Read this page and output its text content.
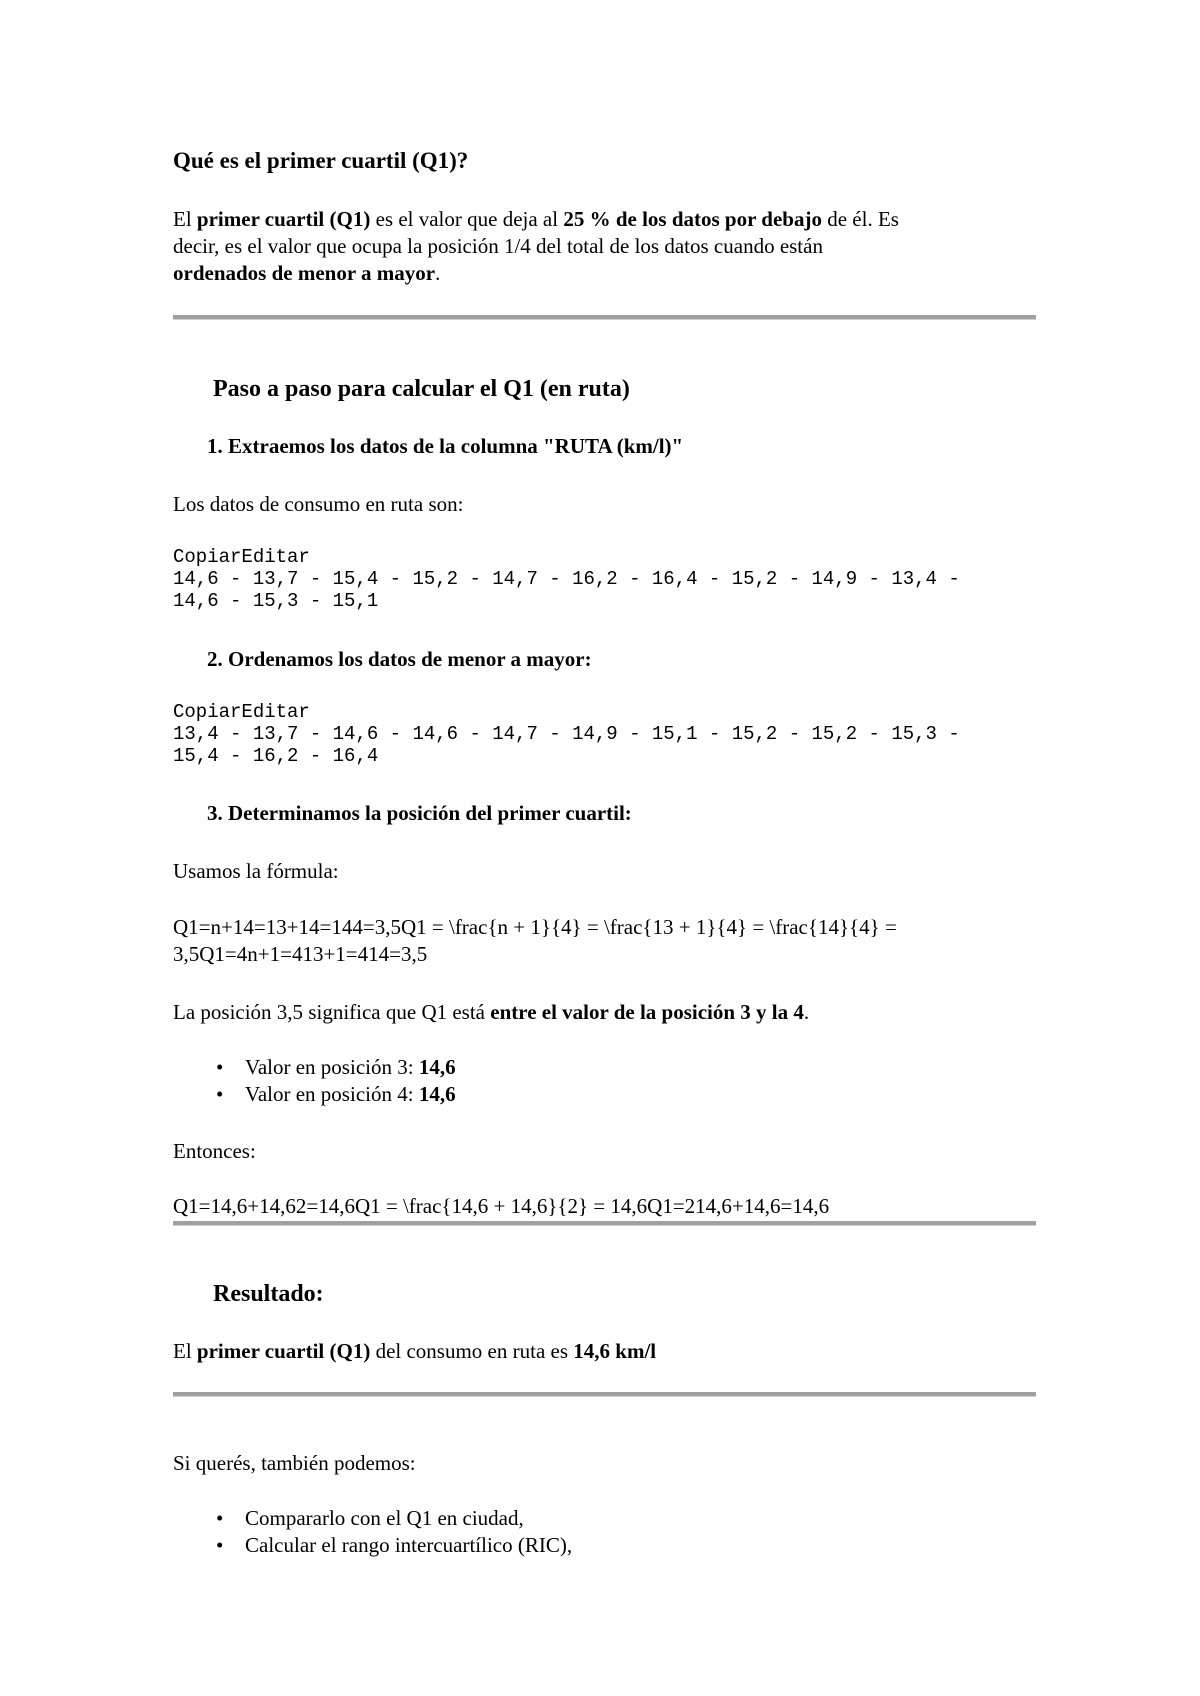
Qué es el primer cuartil (Q1)?
El primer cuartil (Q1) es el valor que deja al 25 % de los datos por debajo de él. Es
decir, es el valor que ocupa la posición 1/4 del total de los datos cuando están
ordenados de menor a mayor.
Paso a paso para calcular el Q1 (en ruta)
1. Extraemos los datos de la columna "RUTA (km/l)"
Los datos de consumo en ruta son:
CopiarEditar
14,6 - 13,7 - 15,4 - 15,2 - 14,7 - 16,2 - 16,4 - 15,2 - 14,9 - 13,4 -
14,6 - 15,3 - 15,1
2. Ordenamos los datos de menor a mayor:
CopiarEditar
13,4 - 13,7 - 14,6 - 14,6 - 14,7 - 14,9 - 15,1 - 15,2 - 15,2 - 15,3 -
15,4 - 16,2 - 16,4
3. Determinamos la posición del primer cuartil:
Usamos la fórmula:
Q1=n+14=13+14=144=3,5Q1 = \frac{n + 1}{4} = \frac{13 + 1}{4} = \frac{14}{4} =
3,5Q1=4n+1=413+1=414=3,5
La posición 3,5 significa que Q1 está entre el valor de la posición 3 y la 4.
• Valor en posición 3: 14,6
• Valor en posición 4: 14,6
Entonces:
Q1=14,6+14,62=14,6Q1 = \frac{14,6 + 14,6}{2} = 14,6Q1=214,6+14,6=14,6
Resultado:
El primer cuartil (Q1) del consumo en ruta es 14,6 km/l
Si querés, también podemos:
• Compararlo con el Q1 en ciudad,
• Calcular el rango intercuartílico (RIC),
